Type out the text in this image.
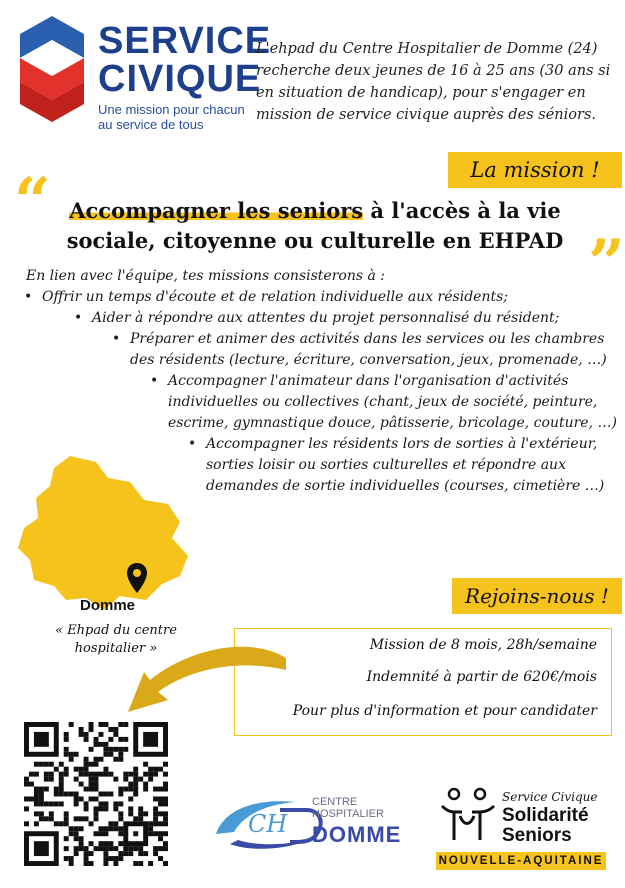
SERVICE
CIVIQUE
Une mission pour chacun
au service de tous
L'ehpad du Centre Hospitalier de Domme (24) recherche deux jeunes de 16 à 25 ans (30 ans si en situation de handicap), pour s'engager en mission de service civique auprès des séniors.
La mission !
“ Accompagner les seniors à l'accès à la vie
sociale, citoyenne ou culturelle en EHPAD ”

En lien avec l'équipe, tes missions consisterons à :

• Offrir un temps d'écoute et de relation individuelle aux résidents;

• Aider à répondre aux attentes du projet personnalisé du résident;

• Préparer et animer des activités dans les services ou les chambres des résidents (lecture, écriture, conversation, jeux, promenade, …)

• Accompagner l'animateur dans l'organisation d'activités individuelles ou collectives (chant, jeux de société, peinture, escrime, gymnastique douce, pâtisserie, bricolage, couture, …)

• Accompagner les résidents lors de sorties à l'extérieur, sorties loisir ou sorties culturelles et répondre aux demandes de sortie individuelles (courses, cimetière …)

Domme
« Ehpad du centre hospitalier »
Rejoins-nous !
Mission de 8 mois, 28h/semaine
Indemnité à partir de 620€/mois
Pour plus d'information et pour candidater
CH
CENTRE HOSPITALIER
DOMME
Service Civique
Solidarité
Seniors
NOUVELLE-AQUITAINE
